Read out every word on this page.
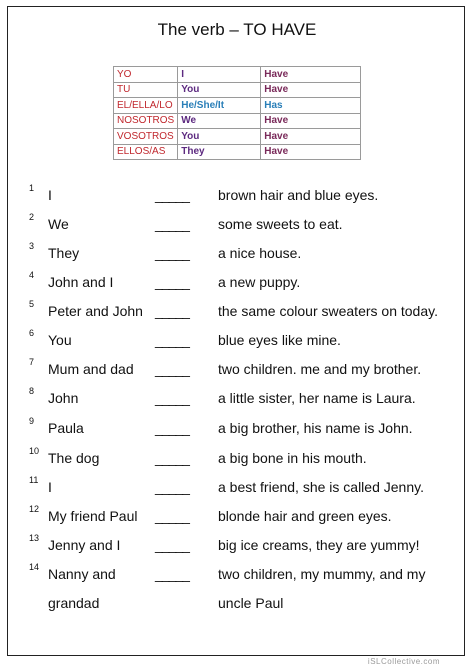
The verb – TO HAVE
YO	I	Have
TU	You	Have
EL/ELLA/LO	He/She/It	Has
NOSOTROS	We	Have
VOSOTROS	You	Have
ELLOS/AS	They	Have
1 I	_____ brown hair and blue eyes.
2 We	_____ some sweets to eat.
3 They	_____ a nice house.
4 John and I	_____ a new puppy.
5 Peter and John _____ the same colour sweaters on today.
6 You	_____ blue eyes like mine.
7 Mum and dad _____ two children. me and my brother.
8 John	_____ a little sister, her name is Laura.
9 Paula	_____ a big brother, his name is John.
10 The dog	_____ a big bone in his mouth.
11 I	_____ a best friend, she is called Jenny.
12 My friend Paul _____ blonde hair and green eyes.
13 Jenny and I _____ big ice creams, they are yummy!
14 Nanny and	_____ two children, my mummy, and my
grandad	uncle Paul
iSLCollective.com
